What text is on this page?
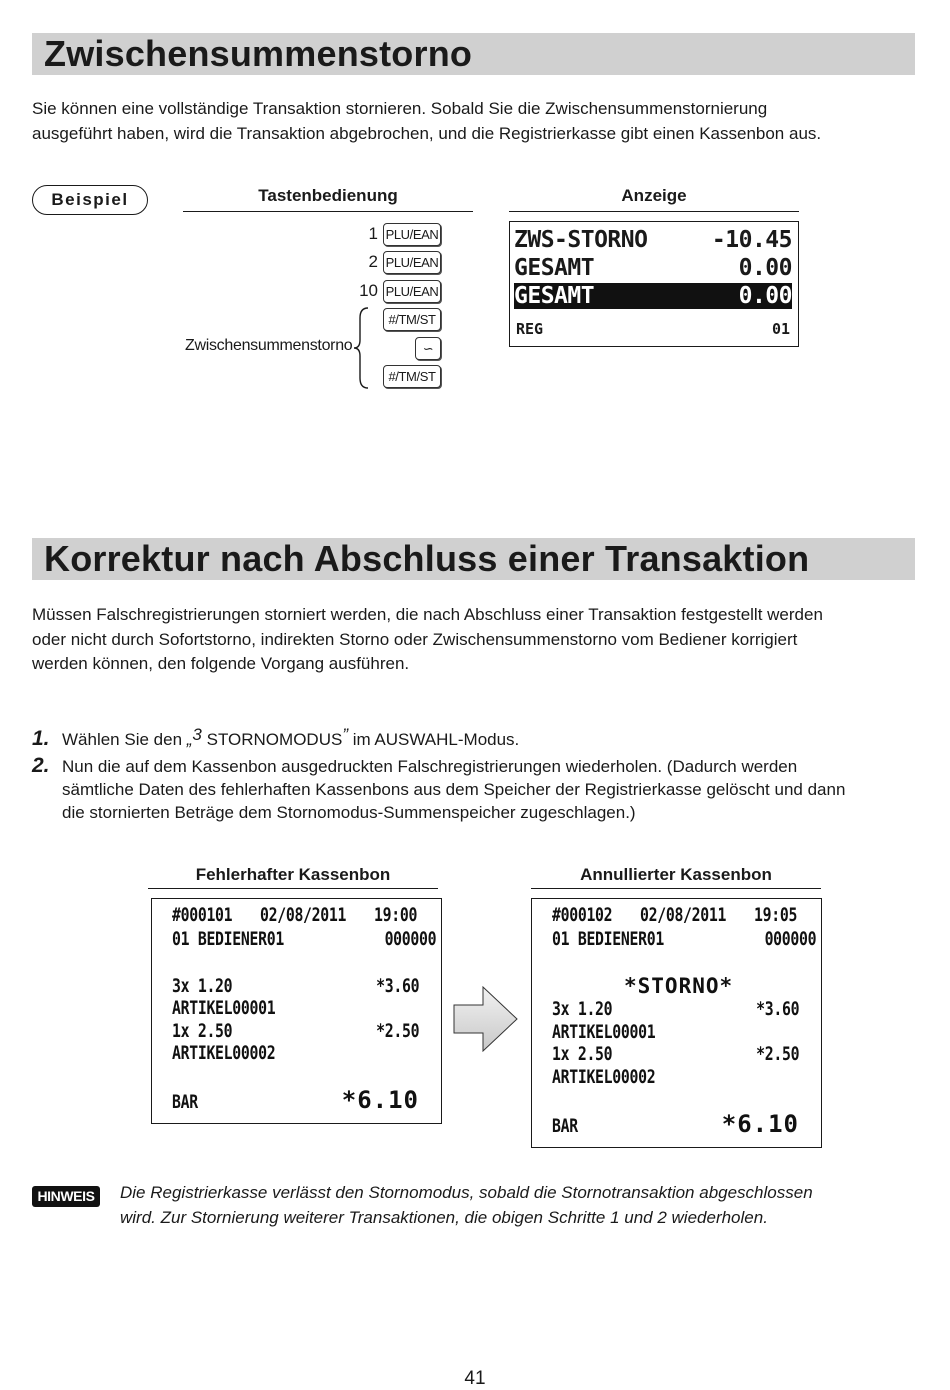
Zwischensummenstorno
Sie können eine vollständige Transaktion stornieren. Sobald Sie die Zwischensummenstornierung
ausgeführt haben, wird die Transaktion abgebrochen, und die Registrierkasse gibt einen Kassenbon aus.
Beispiel	Tastenbedienung	Anzeige
1 PLU/EAN
2 PLU/EAN
10 PLU/EAN
#/TM/ST
∽
#/TM/ST
Zwischensummenstorno
ZWS-STORNO	-10.45
GESAMT	0.00
GESAMT	0.00
REG	01
Korrektur nach Abschluss einer Transaktion
Müssen Falschregistrierungen storniert werden, die nach Abschluss einer Transaktion festgestellt werden
oder nicht durch Sofortstorno, indirekten Storno oder Zwischensummenstorno vom Bediener korrigiert
werden können, den folgende Vorgang ausführen.
1. Wählen Sie den „3 STORNOMODUS” im AUSWAHL-Modus.
2. Nun die auf dem Kassenbon ausgedruckten Falschregistrierungen wiederholen. (Dadurch werden
sämtliche Daten des fehlerhaften Kassenbons aus dem Speicher der Registrierkasse gelöscht und dann
die stornierten Beträge dem Stornomodus-Summenspeicher zugeschlagen.)
Fehlerhafter Kassenbon	Annullierter Kassenbon
#000101 02/08/2011 19:00
01 BEDIENER01	000000
3x 1.20	*3.60
ARTIKEL00001
1x 2.50	*2.50
ARTIKEL00002
BAR	*6.10
#000102 02/08/2011 19:05
01 BEDIENER01	000000
*STORNO*
3x 1.20	*3.60
ARTIKEL00001
1x 2.50	*2.50
ARTIKEL00002
BAR	*6.10
HINWEIS	Die Registrierkasse verlässt den Stornomodus, sobald die Stornotransaktion abgeschlossen
wird. Zur Stornierung weiterer Transaktionen, die obigen Schritte 1 und 2 wiederholen.
41
